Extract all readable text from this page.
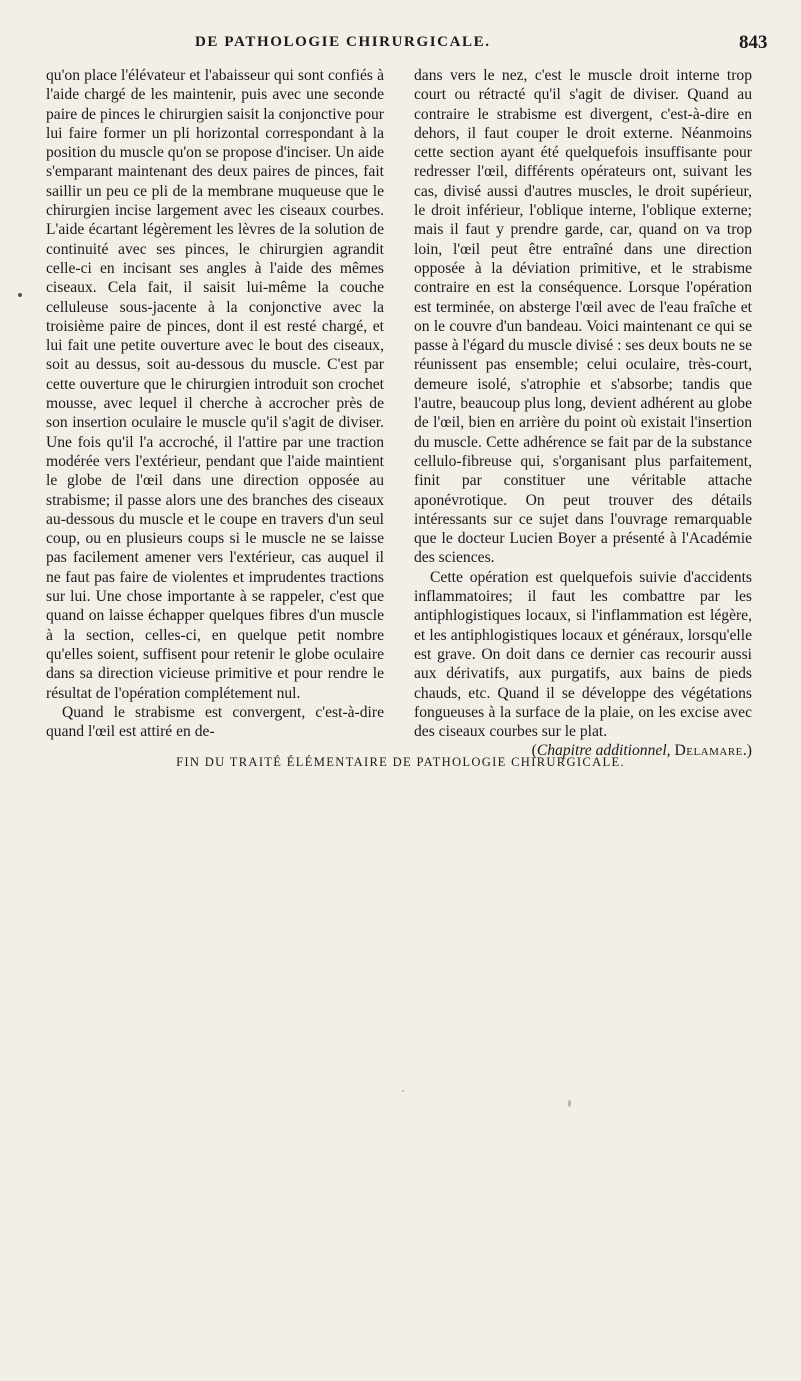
DE PATHOLOGIE CHIRURGICALE.	843

qu'on place l'élévateur et l'abaisseur qui sont confiés à l'aide chargé de les maintenir, puis avec une seconde paire de pinces le chirurgien saisit la conjonctive pour lui faire former un pli horizontal correspondant à la position du muscle qu'on se propose d'inciser. Un aide s'emparant maintenant des deux paires de pinces, fait saillir un peu ce pli de la membrane muqueuse que le chirurgien incise largement avec les ciseaux courbes. L'aide écartant légèrement les lèvres de la solution de continuité avec ses pinces, le chirurgien agrandit celle-ci en incisant ses angles à l'aide des mêmes ciseaux. Cela fait, il saisit lui-même la couche celluleuse sous-jacente à la conjonctive avec la troisième paire de pinces, dont il est resté chargé, et lui fait une petite ouverture avec le bout des ciseaux, soit au dessus, soit au-dessous du muscle. C'est par cette ouverture que le chirurgien introduit son crochet mousse, avec lequel il cherche à accrocher près de son insertion oculaire le muscle qu'il s'agit de diviser. Une fois qu'il l'a accroché, il l'attire par une traction modérée vers l'extérieur, pendant que l'aide maintient le globe de l'œil dans une direction opposée au strabisme; il passe alors une des branches des ciseaux au-dessous du muscle et le coupe en travers d'un seul coup, ou en plusieurs coups si le muscle ne se laisse pas facilement amener vers l'extérieur, cas auquel il ne faut pas faire de violentes et imprudentes tractions sur lui. Une chose importante à se rappeler, c'est que quand on laisse échapper quelques fibres d'un muscle à la section, celles-ci, en quelque petit nombre qu'elles soient, suffisent pour retenir le globe oculaire dans sa direction vicieuse primitive et pour rendre le résultat de l'opération complétement nul.

Quand le strabisme est convergent, c'est-à-dire quand l'œil est attiré en de-

dans vers le nez, c'est le muscle droit interne trop court ou rétracté qu'il s'agit de diviser. Quand au contraire le strabisme est divergent, c'est-à-dire en dehors, il faut couper le droit externe. Néanmoins cette section ayant été quelquefois insuffisante pour redresser l'œil, différents opérateurs ont, suivant les cas, divisé aussi d'autres muscles, le droit supérieur, le droit inférieur, l'oblique interne, l'oblique externe; mais il faut y prendre garde, car, quand on va trop loin, l'œil peut être entraîné dans une direction opposée à la déviation primitive, et le strabisme contraire en est la conséquence. Lorsque l'opération est terminée, on absterge l'œil avec de l'eau fraîche et on le couvre d'un bandeau. Voici maintenant ce qui se passe à l'égard du muscle divisé : ses deux bouts ne se réunissent pas ensemble; celui oculaire, très-court, demeure isolé, s'atrophie et s'absorbe; tandis que l'autre, beaucoup plus long, devient adhérent au globe de l'œil, bien en arrière du point où existait l'insertion du muscle. Cette adhérence se fait par de la substance cellulo-fibreuse qui, s'organisant plus parfaitement, finit par constituer une véritable attache aponévrotique. On peut trouver des détails intéressants sur ce sujet dans l'ouvrage remarquable que le docteur Lucien Boyer a présenté à l'Académie des sciences.

Cette opération est quelquefois suivie d'accidents inflammatoires; il faut les combattre par les antiphlogistiques locaux, si l'inflammation est légère, et les antiphlogistiques locaux et généraux, lorsqu'elle est grave. On doit dans ce dernier cas recourir aussi aux dérivatifs, aux purgatifs, aux bains de pieds chauds, etc. Quand il se développe des végétations fongueuses à la surface de la plaie, on les excise avec des ciseaux courbes sur le plat.

(Chapitre additionnel, Delamare.)

FIN DU TRAITÉ ÉLÉMENTAIRE DE PATHOLOGIE CHIRURGICALE.
